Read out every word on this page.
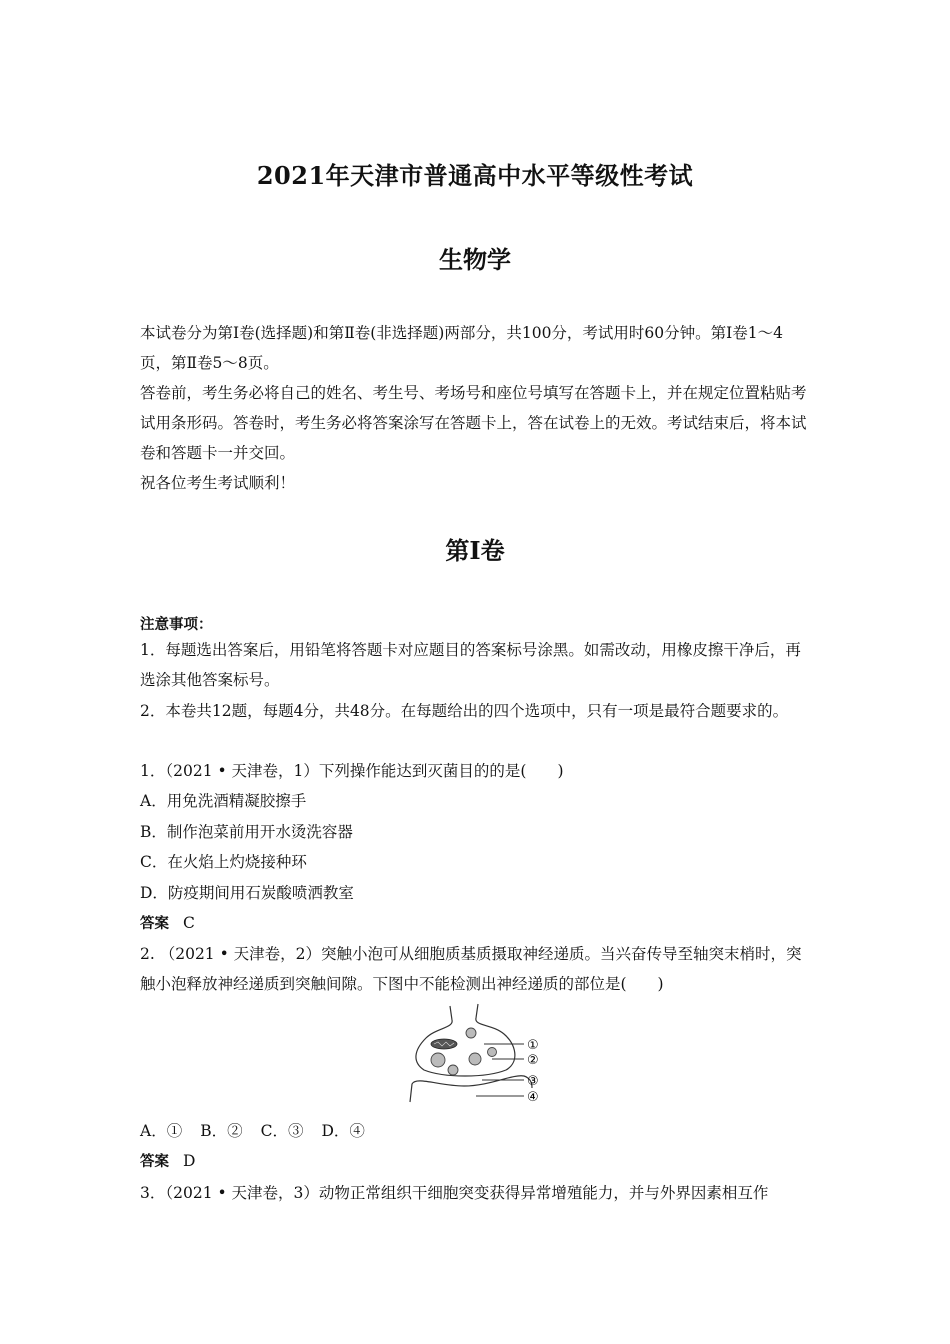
2021年天津市普通高中水平等级性考试
生物学
本试卷分为第Ⅰ卷(选择题)和第Ⅱ卷(非选择题)两部分，共100分，考试用时60分钟。第Ⅰ卷1～4页，第Ⅱ卷5～8页。
答卷前，考生务必将自己的姓名、考生号、考场号和座位号填写在答题卡上，并在规定位置粘贴考试用条形码。答卷时，考生务必将答案涂写在答题卡上，答在试卷上的无效。考试结束后，将本试卷和答题卡一并交回。
祝各位考生考试顺利！
第Ⅰ卷
注意事项：
1．每题选出答案后，用铅笔将答题卡对应题目的答案标号涂黑。如需改动，用橡皮擦干净后，再选涂其他答案标号。
2．本卷共12题，每题4分，共48分。在每题给出的四个选项中，只有一项是最符合题要求的。
1．（2021 • 天津卷，1）下列操作能达到灭菌目的的是(　　)
A．用免洗酒精凝胶擦手
B．制作泡菜前用开水烫洗容器
C．在火焰上灼烧接种环
D．防疫期间用石炭酸喷洒教室
答案 C
2. （2021 • 天津卷，2）突触小泡可从细胞质基质摄取神经递质。当兴奋传导至轴突末梢时，突触小泡释放神经递质到突触间隙。下图中不能检测出神经递质的部位是(　　)
①
②
③
④
A．① B．② C．③ D．④
答案 D
3．（2021 • 天津卷，3）动物正常组织干细胞突变获得异常增殖能力，并与外界因素相互作
